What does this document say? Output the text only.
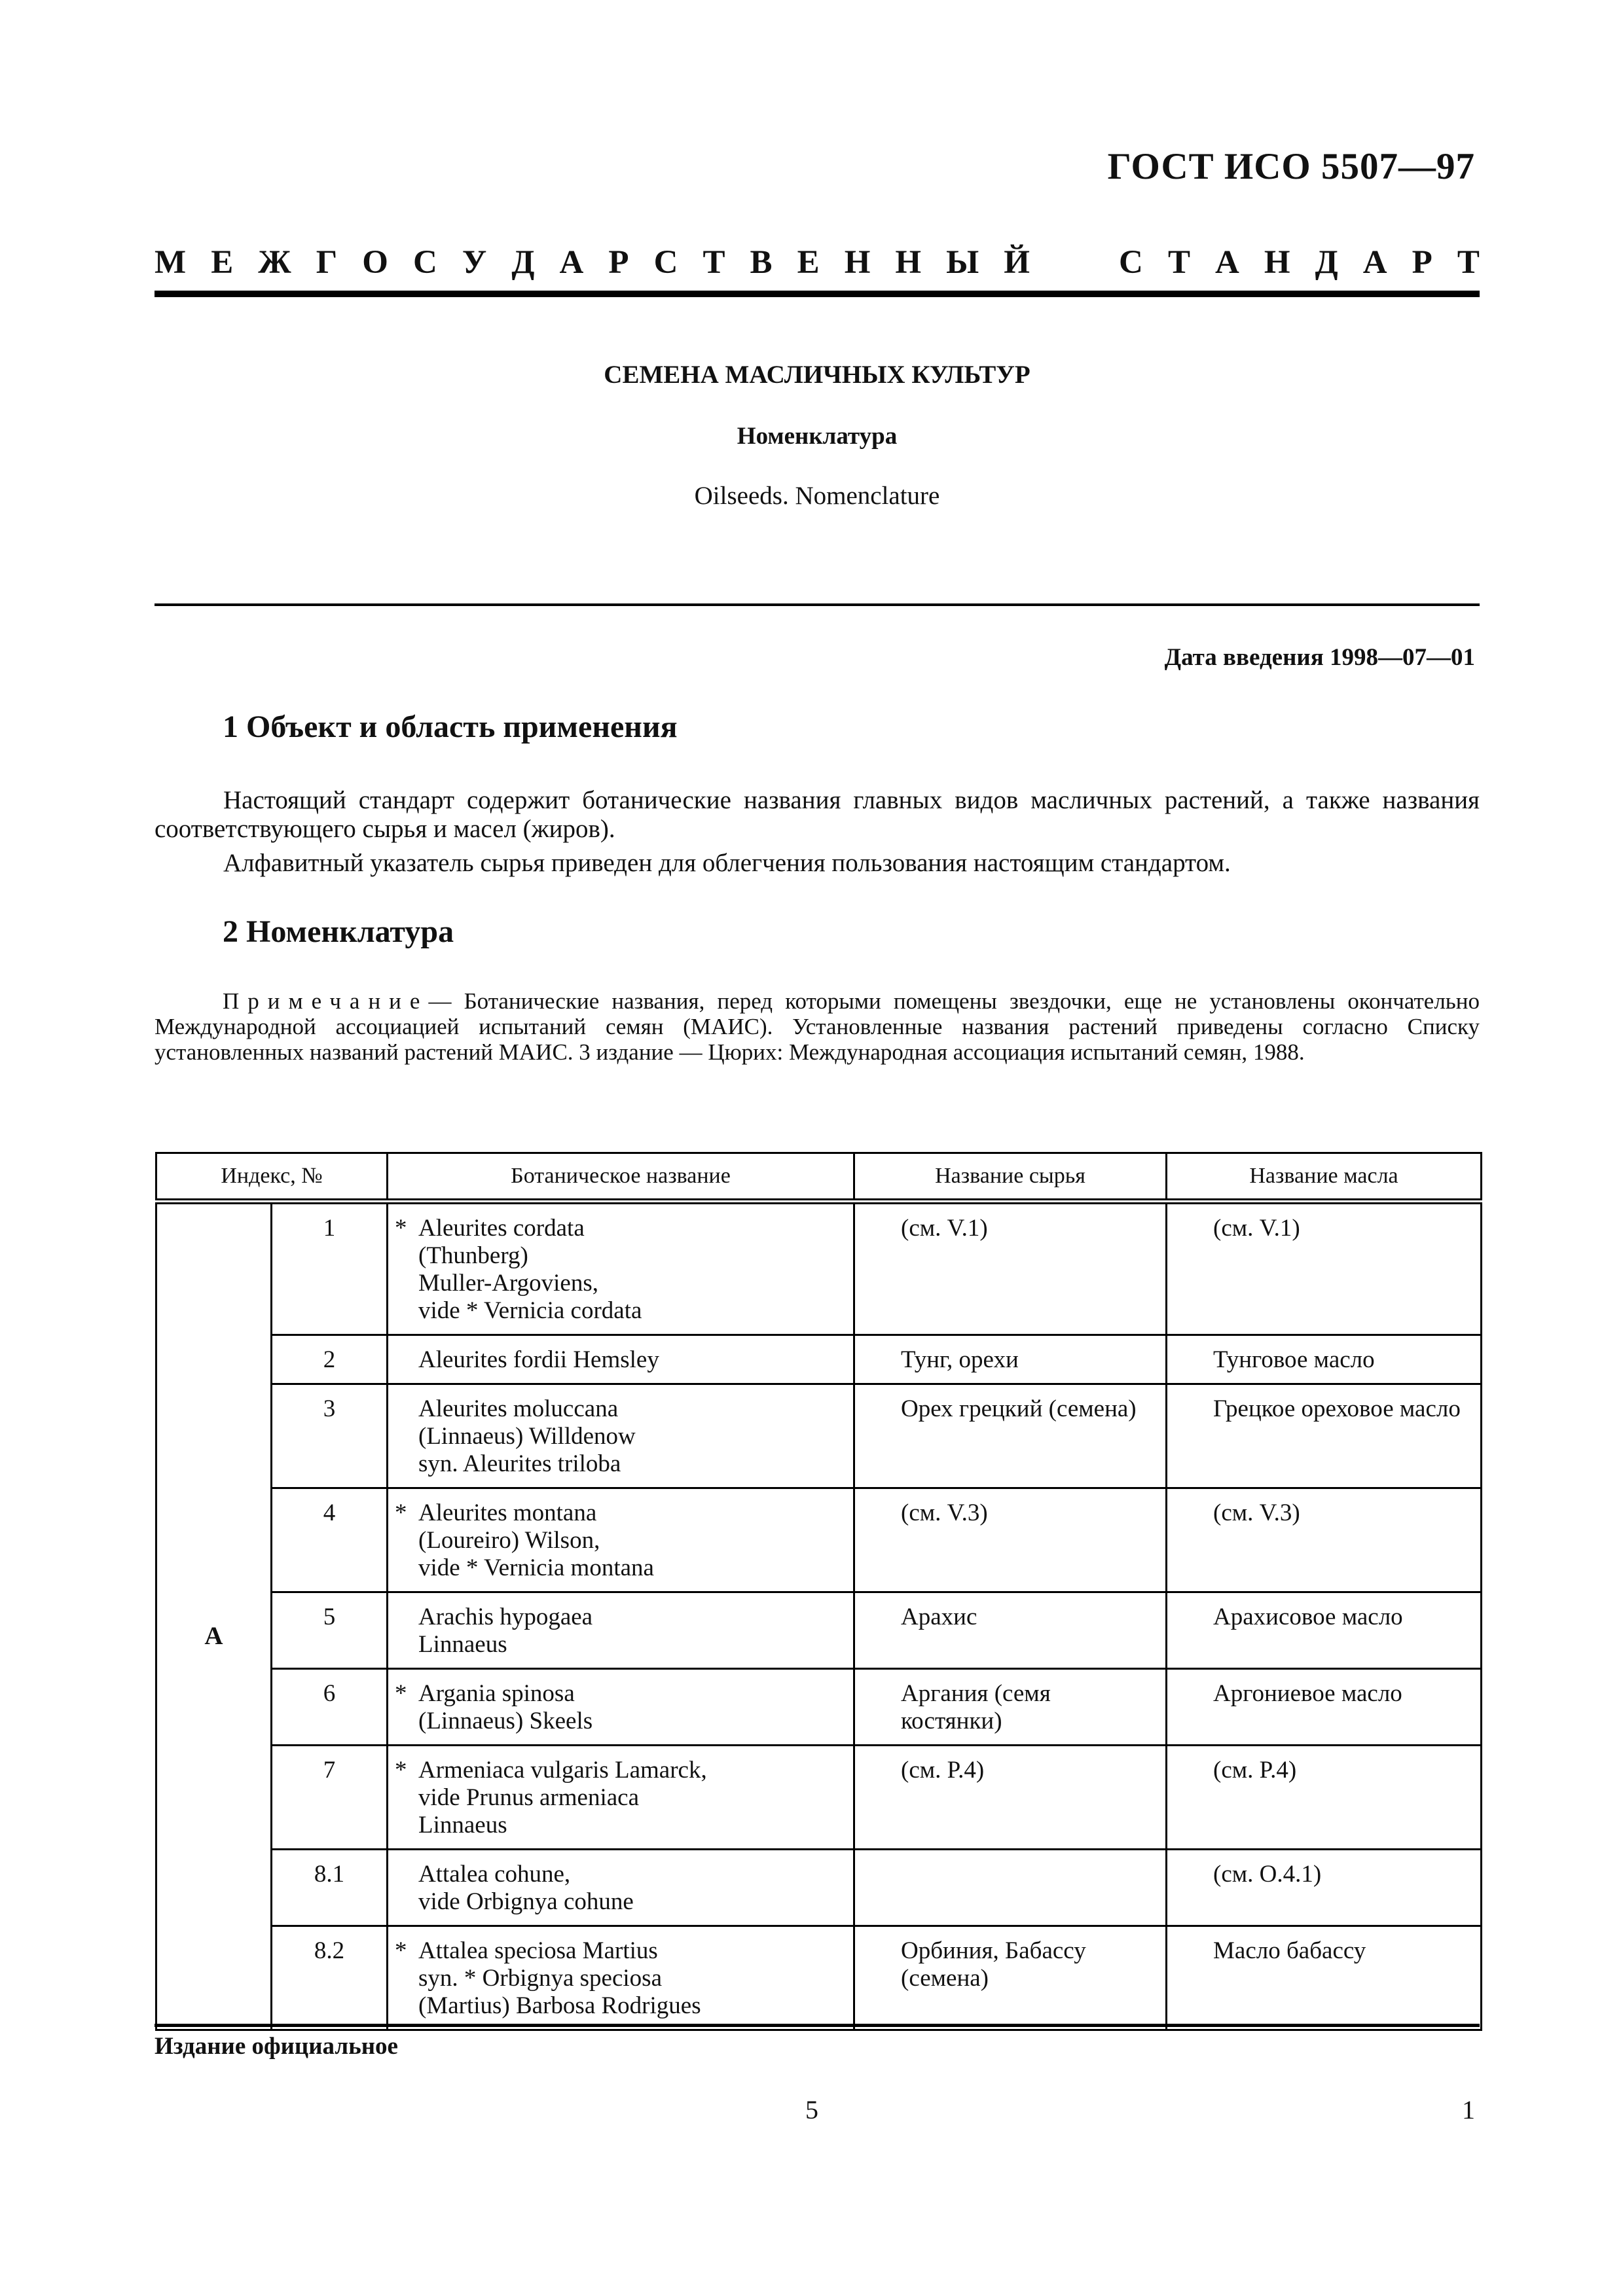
ГОСТ ИСО 5507—97
М Е Ж Г О С У Д А Р С Т В Е Н Н Ы Й	С Т А Н Д А Р Т
СЕМЕНА МАСЛИЧНЫХ КУЛЬТУР
Номенклатура
Oilseeds. Nomenclature
Дата введения 1998—07—01
1 Объект и область применения
Настоящий стандарт содержит ботанические названия главных видов масличных растений, а также названия соответствующего сырья и масел (жиров).
Алфавитный указатель сырья приведен для облегчения пользования настоящим стандартом.
2 Номенклатура
Примечание— Ботанические названия, перед которыми помещены звездочки, еще не установлены окончательно Международной ассоциацией испытаний семян (МАИС). Установленные названия растений приведены согласно Списку установленных названий растений МАИС. 3 издание — Цюрих: Международная ассоциация испытаний семян, 1988.
Индекс, №		Ботаническое название	Название сырья	Название масла
А	1	* Aleurites cordata
(Thunberg)
Muller-Argoviens,
vide * Vernicia cordata	(см. V.1)	(см. V.1)
	2	Aleurites fordii Hemsley	Тунг, орехи	Тунговое масло
	3	Aleurites moluccana
(Linnaeus) Willdenow
syn. Aleurites triloba	Орех грецкий (семена)	Грецкое ореховое масло
	4	* Aleurites montana
(Loureiro) Wilson,
vide * Vernicia montana	(см. V.3)	(см. V.3)
	5	Arachis hypogaea
Linnaeus	Арахис	Арахисовое масло
	6	* Argania spinosa
(Linnaeus) Skeels	Аргания (семя костянки)	Аргониевое масло
	7	* Armeniaca vulgaris Lamarck,
vide Prunus armeniaca
Linnaeus	(см. P.4)	(см. P.4)
	8.1	Attalea cohune,
vide Orbignya cohune		(см. O.4.1)
	8.2	* Attalea speciosa Martius
syn. * Orbignya speciosa
(Martius) Barbosa Rodrigues	Орбиния, Бабассу (семена)	Масло бабассу
Издание официальное
5	1
